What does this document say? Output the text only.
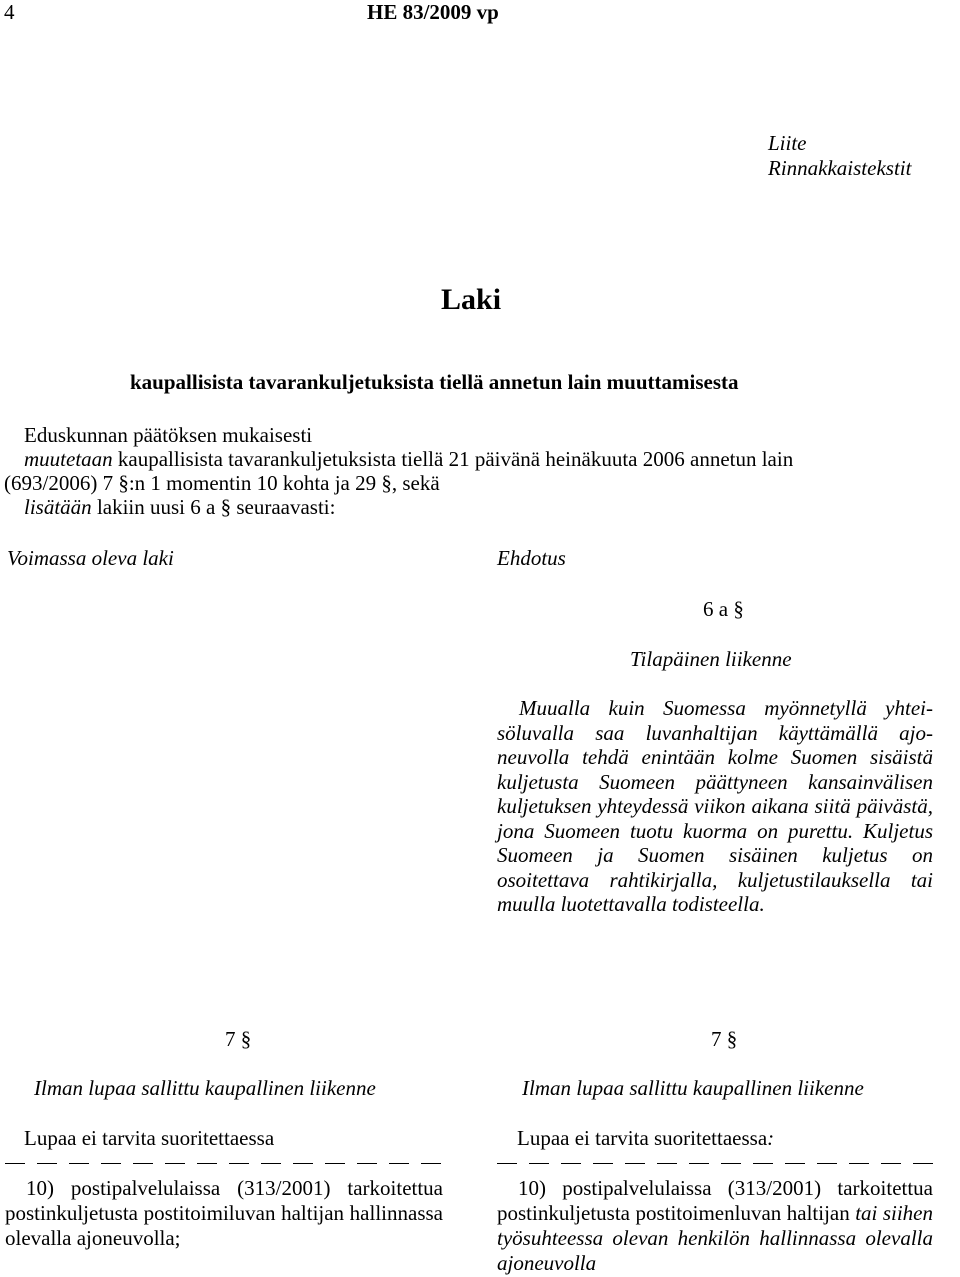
4	HE 83/2009 vp
Liite
Rinnakkaistekstit
Laki
kaupallisista tavarankuljetuksista tiellä annetun lain muuttamisesta
Eduskunnan päätöksen mukaisesti
muutetaan kaupallisista tavarankuljetuksista tiellä 21 päivänä heinäkuuta 2006 annetun lain
(693/2006) 7 §:n 1 momentin 10 kohta ja 29 §, sekä
lisätään lakiin uusi 6 a § seuraavasti:
Voimassa oleva laki	Ehdotus
6 a §
Tilapäinen liikenne
Muualla kuin Suomessa myönnetyllä yhteisöluvalla saa luvanhaltijan käyttämällä ajoneuvolla tehdä enintään kolme Suomen sisäistä kuljetusta Suomeen päättyneen kansainvälisen kuljetuksen yhteydessä viikon aikana siitä päivästä, jona Suomeen tuotu kuorma on purettu. Kuljetus Suomeen ja Suomen sisäinen kuljetus on osoitettava rahtikirjalla, kuljetustilauksella tai muulla luotettavalla todisteella.
7 §
Ilman lupaa sallittu kaupallinen liikenne
Lupaa ei tarvita suoritettaessa
10) postipalvelulaissa (313/2001) tarkoitettua postinkuljetusta postitoimiluvan haltijan hallinnassa olevalla ajoneuvolla;
7 §
Ilman lupaa sallittu kaupallinen liikenne
Lupaa ei tarvita suoritettaessa:
10) postipalvelulaissa (313/2001) tarkoitettua postinkuljetusta postitoimenluvan haltijan tai siihen työsuhteessa olevan henkilön hallinnassa olevalla ajoneuvolla
